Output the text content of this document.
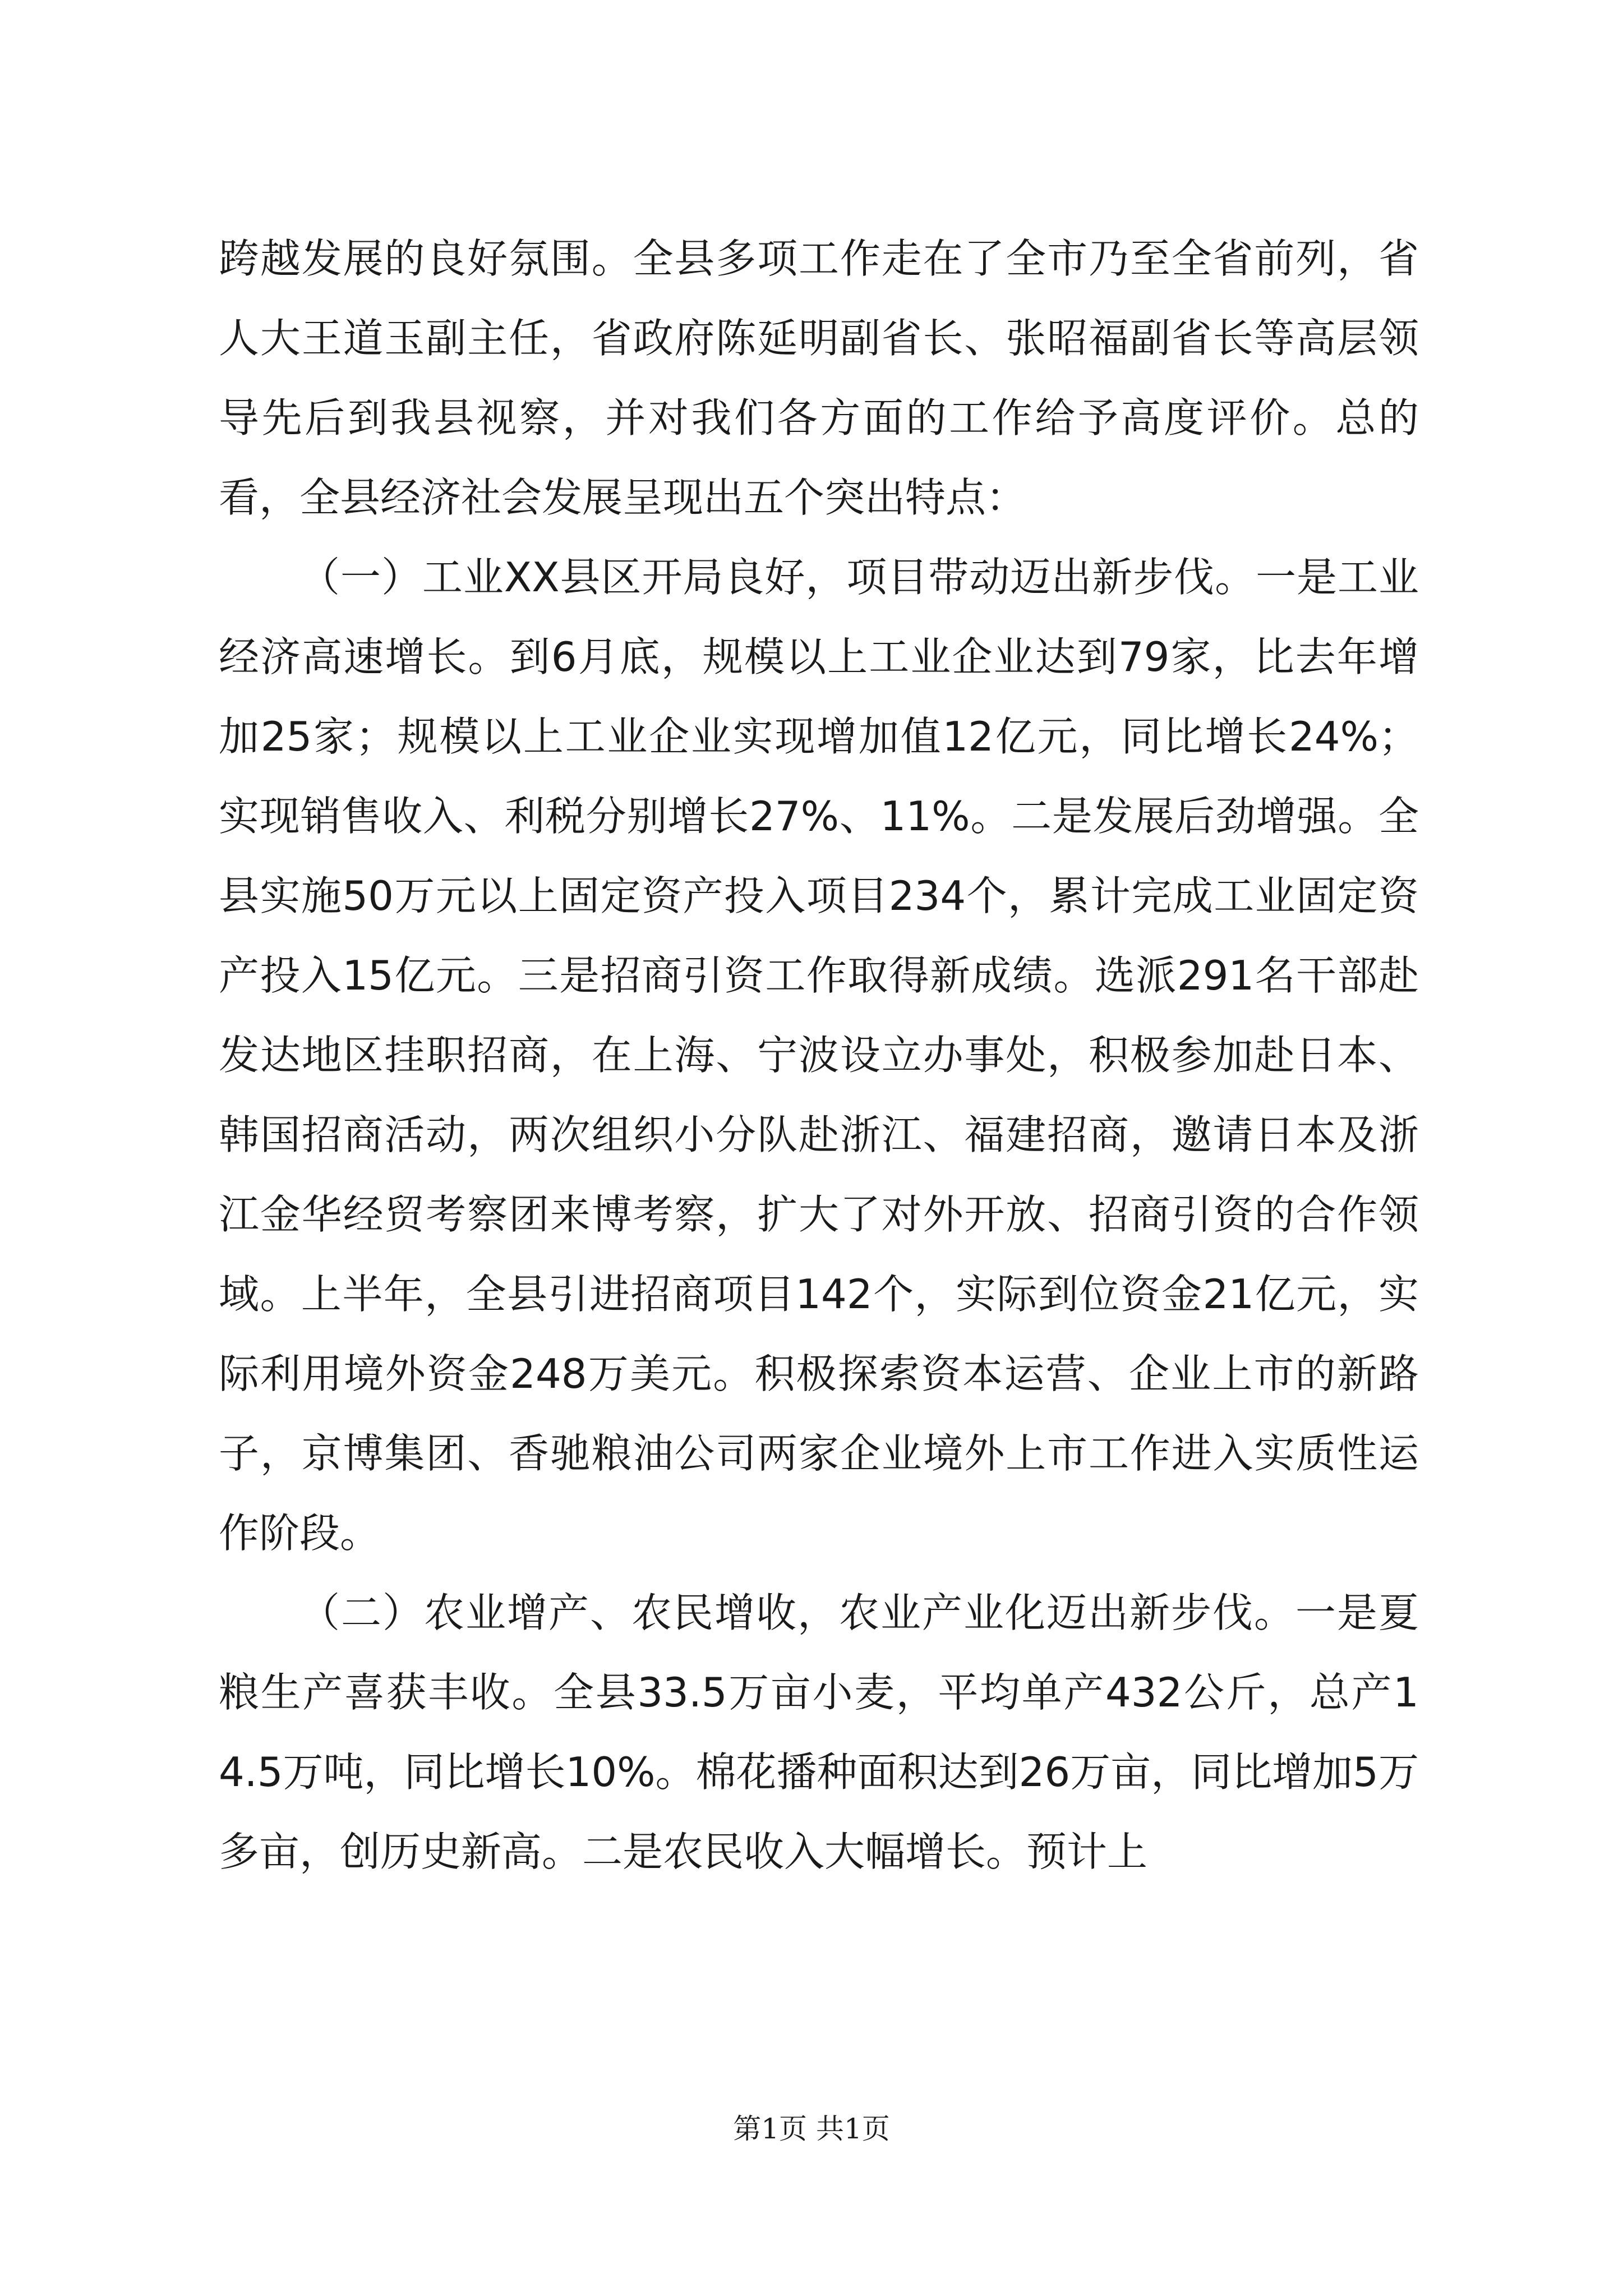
跨越发展的良好氛围。全县多项工作走在了全市乃至全省前列，省人大王道玉副主任，省政府陈延明副省长、张昭福副省长等高层领导先后到我县视察，并对我们各方面的工作给予高度评价。总的看，全县经济社会发展呈现出五个突出特点：

（一）工业XX县区开局良好，项目带动迈出新步伐。一是工业经济高速增长。到6月底，规模以上工业企业达到79家，比去年增加25家；规模以上工业企业实现增加值12亿元，同比增长24%；实现销售收入、利税分别增长27%、11%。二是发展后劲增强。全县实施50万元以上固定资产投入项目234个，累计完成工业固定资产投入15亿元。三是招商引资工作取得新成绩。选派291名干部赴发达地区挂职招商，在上海、宁波设立办事处，积极参加赴日本、韩国招商活动，两次组织小分队赴浙江、福建招商，邀请日本及浙江金华经贸考察团来博考察，扩大了对外开放、招商引资的合作领域。上半年，全县引进招商项目142个，实际到位资金21亿元，实际利用境外资金248万美元。积极探索资本运营、企业上市的新路子，京博集团、香驰粮油公司两家企业境外上市工作进入实质性运作阶段。

（二）农业增产、农民增收，农业产业化迈出新步伐。一是夏粮生产喜获丰收。全县33.5万亩小麦，平均单产432公斤，总产14.5万吨，同比增长10%。棉花播种面积达到26万亩，同比增加5万多亩，创历史新高。二是农民收入大幅增长。预计上

第1页 共1页
